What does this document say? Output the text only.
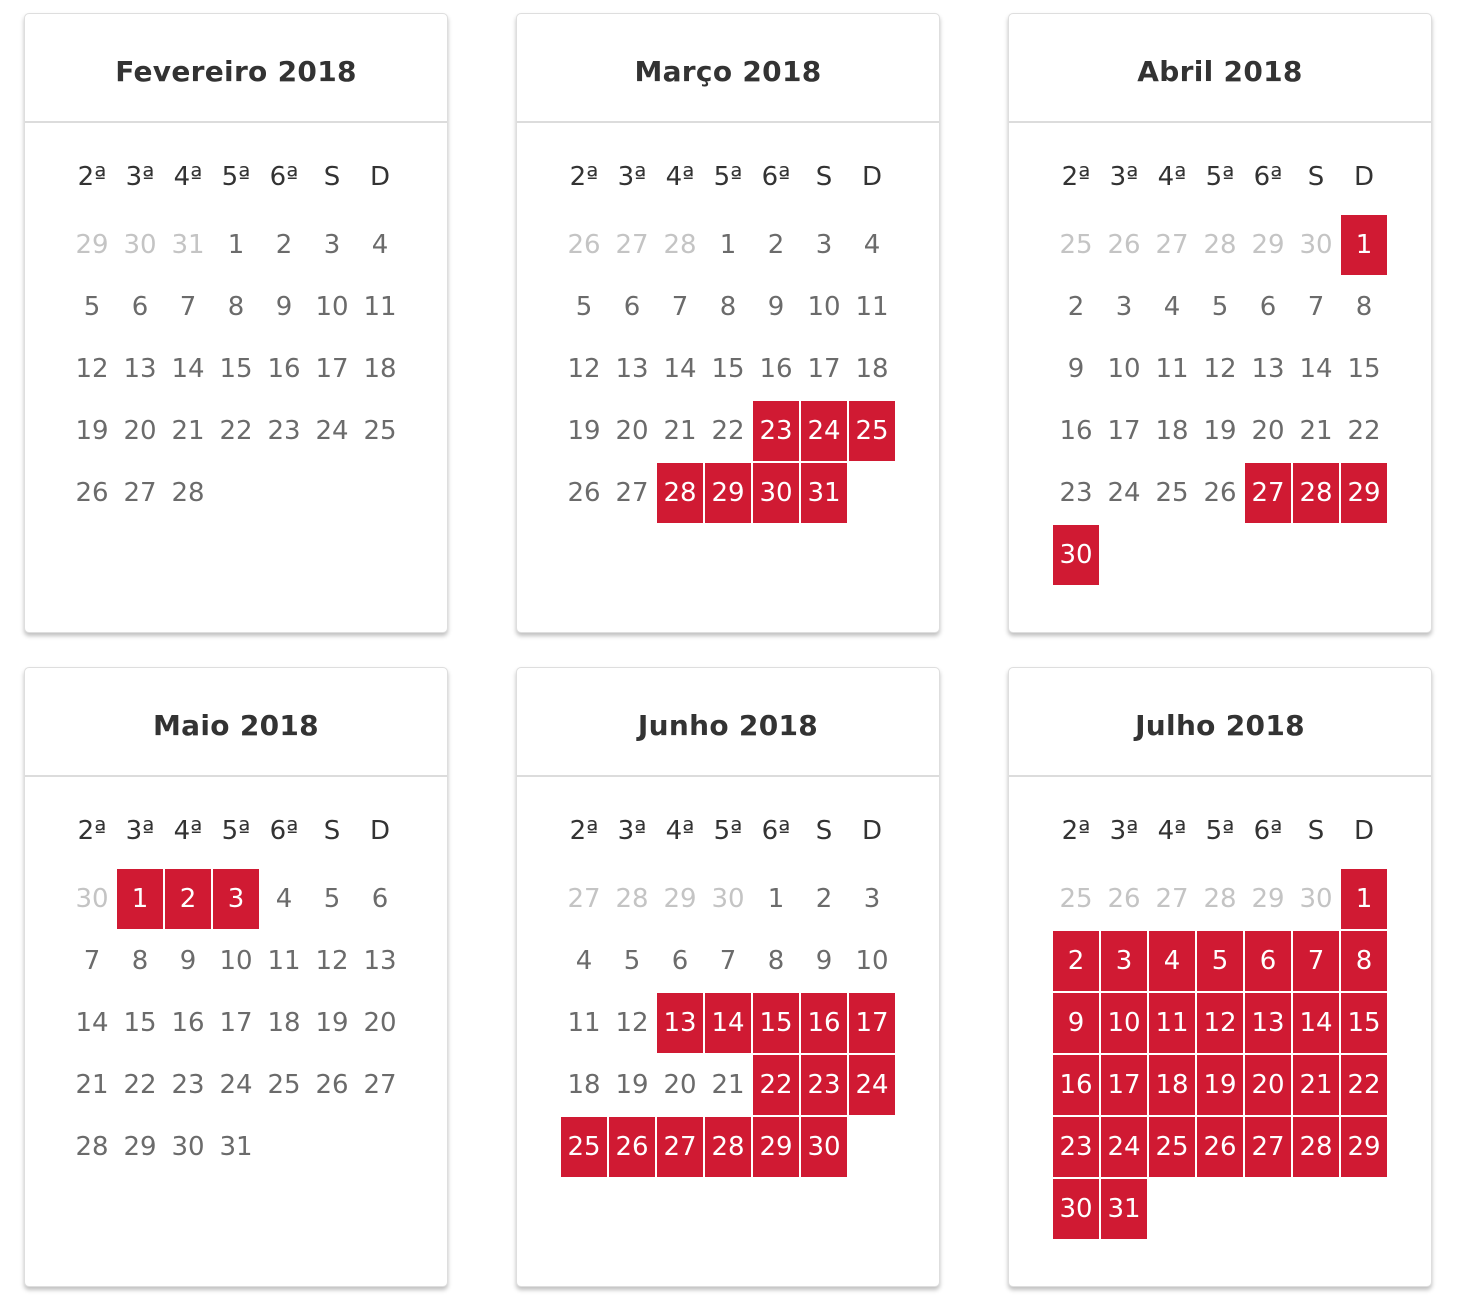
Fevereiro 2018
2ª 3ª 4ª 5ª 6ª S	D
29 30 31 1	2	3	4
5	6	7	8	9 10 11
12 13 14 15 16 17 18
19 20 21 22 23 24 25
26 27 28
Março 2018
2ª 3ª 4ª 5ª 6ª S	D
26 27 28 1	2	3	4
5	6	7	8	9 10 11
12 13 14 15 16 17 18
19 20 21 22 23 24 25
26 27 28 29 30 31
Abril 2018
2ª 3ª 4ª 5ª 6ª S	D
25 26 27 28 29 30 1
2	3	4	5	6	7	8
9 10 11 12 13 14 15
16 17 18 19 20 21 22
23 24 25 26 27 28 29
30
Maio 2018
2ª 3ª 4ª 5ª 6ª S	D
30 1	2	3	4	5	6
7	8	9 10 11 12 13
14 15 16 17 18 19 20
21 22 23 24 25 26 27
28 29 30 31
Junho 2018
2ª 3ª 4ª 5ª 6ª S	D
27 28 29 30 1	2	3
4	5	6	7	8	9 10
11 12 13 14 15 16 17
18 19 20 21 22 23 24
25 26 27 28 29 30
Julho 2018
2ª 3ª 4ª 5ª 6ª S	D
25 26 27 28 29 30 1
2	3	4	5	6	7	8
9 10 11 12 13 14 15
16 17 18 19 20 21 22
23 24 25 26 27 28 29
30 31
